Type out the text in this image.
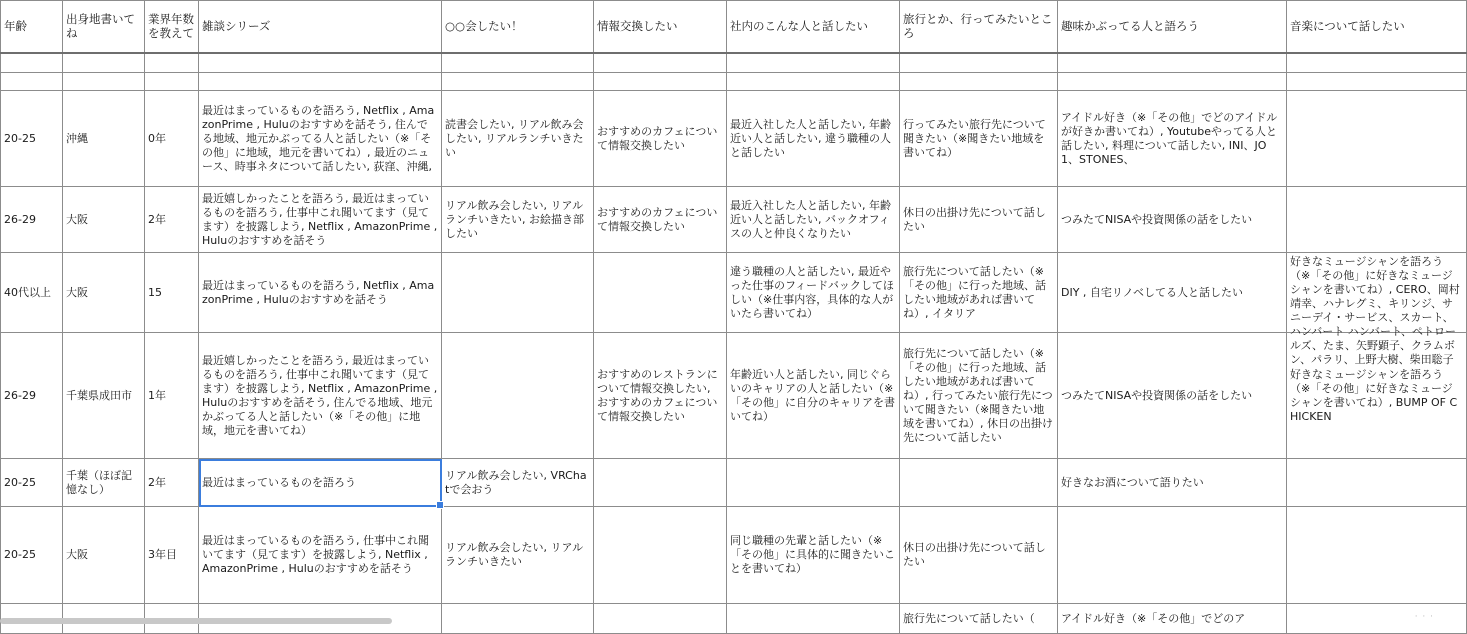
年齢	出身地書いてね	業界年数を教えて	雑談シリーズ	○○会したい！	情報交換したい	社内のこんな人と話したい	旅行とか、行ってみたいところ	趣味かぶってる人と語ろう	音楽について話したい

20-25	沖縄	0年	最近はまっているものを語ろう, Netflix , AmazonPrime , Huluのおすすめを話そう, 住んでる地域、地元かぶってる人と話したい（※「その他」に地域，地元を書いてね）, 最近のニュース、時事ネタについて話したい, 荻窪、沖縄,	読書会したい, リアル飲み会したい, リアルランチいきたい	おすすめのカフェについて情報交換したい	最近入社した人と話したい, 年齢近い人と話したい, 違う職種の人と話したい	行ってみたい旅行先について聞きたい（※聞きたい地域を書いてね）	アイドル好き（※「その他」でどのアイドルが好きか書いてね）, Youtubeやってる人と話したい, 料理について話したい, INI、JO1、STONES、	

26-29	大阪	2年	最近嬉しかったことを語ろう, 最近はまっているものを語ろう, 仕事中これ聞いてます（見てます）を披露しよう, Netflix , AmazonPrime , Huluのおすすめを話そう	リアル飲み会したい, リアルランチいきたい, お絵描き部したい	おすすめのカフェについて情報交換したい	最近入社した人と話したい, 年齢近い人と話したい, バックオフィスの人と仲良くなりたい	休日の出掛け先について話したい	つみたてNISAや投資関係の話をしたい	

40代以上	大阪	15	最近はまっているものを語ろう, Netflix , AmazonPrime , Huluのおすすめを話そう			違う職種の人と話したい, 最近やった仕事のフィードバックしてほしい（※仕事内容，具体的な人がいたら書いてね）	旅行先について話したい（※「その他」に行った地域、話したい地域があれば書いてね）, イタリア	DIY , 自宅リノベしてる人と話したい	好きなミュージシャンを語ろう（※「その他」に好きなミュージシャンを書いてね）, CERO、岡村靖幸、ハナレグミ、キリンジ、サニーデイ・サービス、スカート、ハンバート ハンバート、ペトロールズ、たま、矢野顕子、クラムボン、パラリ、上野大樹、柴田聡子

26-29	千葉県成田市	1年	最近嬉しかったことを語ろう, 最近はまっているものを語ろう, 仕事中これ聞いてます（見てます）を披露しよう, Netflix , AmazonPrime , Huluのおすすめを話そう, 住んでる地域、地元かぶってる人と話したい（※「その他」に地域，地元を書いてね）		おすすめのレストランについて情報交換したい, おすすめのカフェについて情報交換したい	年齢近い人と話したい, 同じぐらいのキャリアの人と話したい（※「その他」に自分のキャリアを書いてね）	旅行先について話したい（※「その他」に行った地域、話したい地域があれば書いてね）, 行ってみたい旅行先について聞きたい（※聞きたい地域を書いてね）, 休日の出掛け先について話したい	つみたてNISAや投資関係の話をしたい	好きなミュージシャンを語ろう（※「その他」に好きなミュージシャンを書いてね）, BUMP OF CHICKEN

20-25	千葉（ほぼ記憶なし）	2年	最近はまっているものを語ろう	リアル飲み会したい, VRChatで会おう				好きなお酒について語りたい	

20-25	大阪	3年目	最近はまっているものを語ろう, 仕事中これ聞いてます（見てます）を披露しよう, Netflix , AmazonPrime , Huluのおすすめを話そう	リアル飲み会したい, リアルランチいきたい		同じ職種の先輩と話したい（※「その他」に具体的に聞きたいことを書いてね）	休日の出掛け先について話したい		

							旅行先について話したい（	アイドル好き（※「その他」でどのア	
		· · ·
